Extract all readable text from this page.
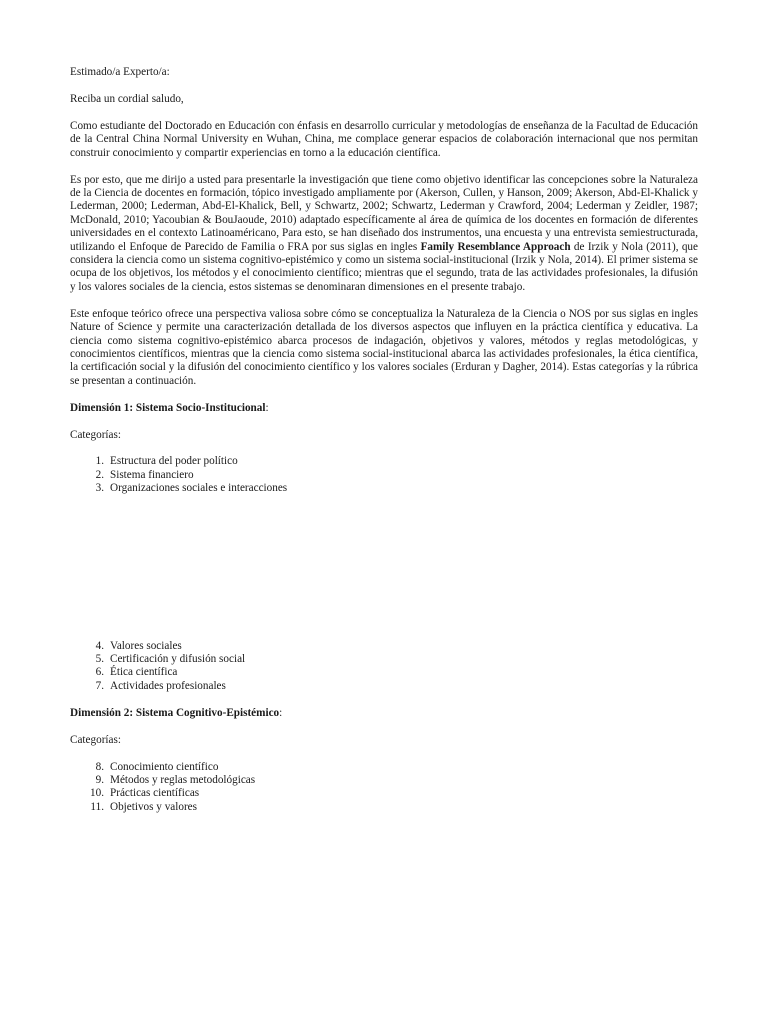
Estimado/a Experto/a:

Reciba un cordial saludo,

Como estudiante del Doctorado en Educación con énfasis en desarrollo curricular y metodologías de enseñanza de la Facultad de Educación de la Central China Normal University en Wuhan, China, me complace generar espacios de colaboración internacional que nos permitan construir conocimiento y compartir experiencias en torno a la educación científica.

Es por esto, que me dirijo a usted para presentarle la investigación que tiene como objetivo identificar las concepciones sobre la Naturaleza de la Ciencia de docentes en formación, tópico investigado ampliamente por (Akerson, Cullen, y Hanson, 2009; Akerson, Abd-El-Khalick y Lederman, 2000; Lederman, Abd-El-Khalick, Bell, y Schwartz, 2002; Schwartz, Lederman y Crawford, 2004; Lederman y Zeidler, 1987; McDonald, 2010; Yacoubian & BouJaoude, 2010) adaptado específicamente al área de química de los docentes en formación de diferentes universidades en el contexto Latinoaméricano, Para esto, se han diseñado dos instrumentos, una encuesta y una entrevista semiestructurada, utilizando el Enfoque de Parecido de Familia o FRA por sus siglas en ingles Family Resemblance Approach de Irzik y Nola (2011), que considera la ciencia como un sistema cognitivo-epistémico y como un sistema social-institucional (Irzik y Nola, 2014). El primer sistema se ocupa de los objetivos, los métodos y el conocimiento científico; mientras que el segundo, trata de las actividades profesionales, la difusión y los valores sociales de la ciencia, estos sistemas se denominaran dimensiones en el presente trabajo.

Este enfoque teórico ofrece una perspectiva valiosa sobre cómo se conceptualiza la Naturaleza de la Ciencia o NOS por sus siglas en ingles Nature of Science y permite una caracterización detallada de los diversos aspectos que influyen en la práctica científica y educativa. La ciencia como sistema cognitivo-epistémico abarca procesos de indagación, objetivos y valores, métodos y reglas metodológicas, y conocimientos científicos, mientras que la ciencia como sistema social-institucional abarca las actividades profesionales, la ética científica, la certificación social y la difusión del conocimiento científico y los valores sociales (Erduran y Dagher, 2014). Estas categorías y la rúbrica se presentan a continuación.

Dimensión 1: Sistema Socio-Institucional:

Categorías:

1. Estructura del poder político
2. Sistema financiero
3. Organizaciones sociales e interacciones
4. Valores sociales
5. Certificación y difusión social
6. Ética científica
7. Actividades profesionales

Dimensión 2: Sistema Cognitivo-Epistémico:

Categorías:

8. Conocimiento científico
9. Métodos y reglas metodológicas
10. Prácticas científicas
11. Objetivos y valores
